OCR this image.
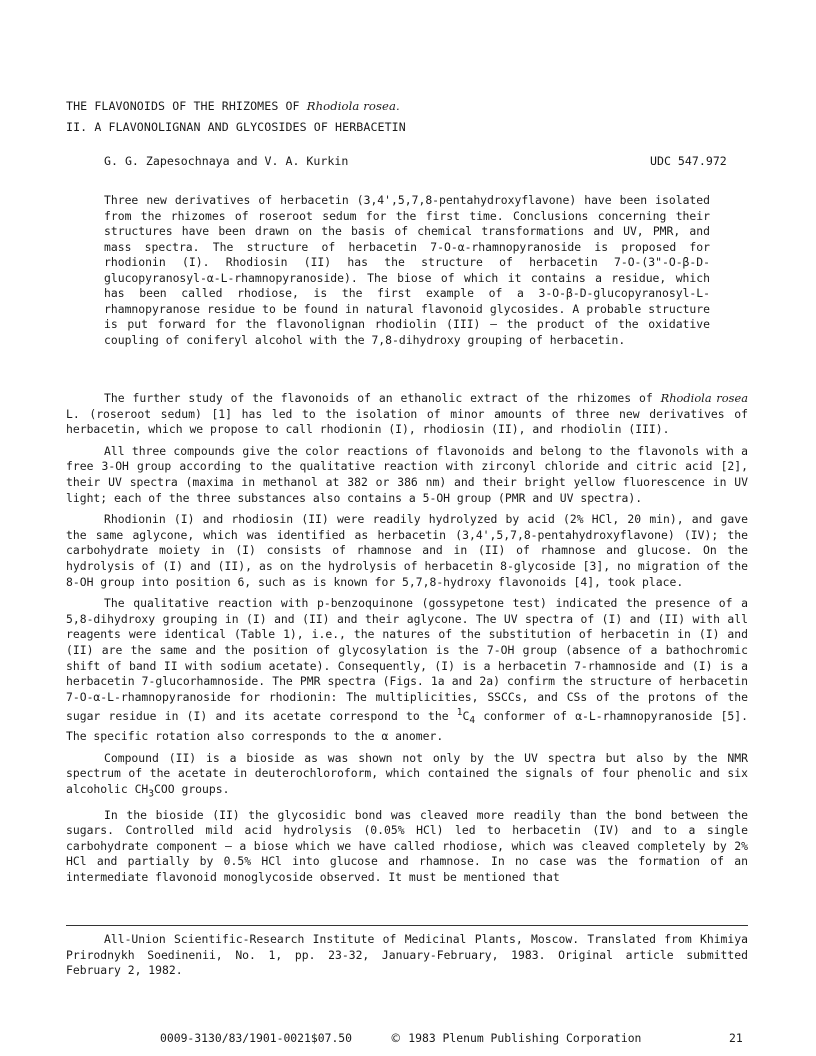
THE FLAVONOIDS OF THE RHIZOMES OF Rhodiola rosea.
II. A FLAVONOLIGNAN AND GLYCOSIDES OF HERBACETIN
G. G. Zapesochnaya and V. A. Kurkin	UDC 547.972

Three new derivatives of herbacetin (3,4',5,7,8-pentahydroxyflavone) have been isolated from the rhizomes of roseroot sedum for the first time. Conclusions concerning their structures have been drawn on the basis of chemical transformations and UV, PMR, and mass spectra. The structure of herbacetin 7-O-α-rhamnopyranoside is proposed for rhodionin (I). Rhodiosin (II) has the structure of herbacetin 7-O-(3"-O-β-D-glucopyranosyl-α-L-rhamnopyranoside). The biose of which it contains a residue, which has been called rhodiose, is the first example of a 3-O-β-D-glucopyranosyl-L-rhamnopyranose residue to be found in natural flavonoid glycosides. A probable structure is put forward for the flavonolignan rhodiolin (III) — the product of the oxidative coupling of coniferyl alcohol with the 7,8-dihydroxy grouping of herbacetin.

The further study of the flavonoids of an ethanolic extract of the rhizomes of Rhodiola rosea L. (roseroot sedum) [1] has led to the isolation of minor amounts of three new derivatives of herbacetin, which we propose to call rhodionin (I), rhodiosin (II), and rhodiolin (III).

All three compounds give the color reactions of flavonoids and belong to the flavonols with a free 3-OH group according to the qualitative reaction with zirconyl chloride and citric acid [2], their UV spectra (maxima in methanol at 382 or 386 nm) and their bright yellow fluorescence in UV light; each of the three substances also contains a 5-OH group (PMR and UV spectra).

Rhodionin (I) and rhodiosin (II) were readily hydrolyzed by acid (2% HCl, 20 min), and gave the same aglycone, which was identified as herbacetin (3,4',5,7,8-pentahydroxyflavone) (IV); the carbohydrate moiety in (I) consists of rhamnose and in (II) of rhamnose and glucose. On the hydrolysis of (I) and (II), as on the hydrolysis of herbacetin 8-glycoside [3], no migration of the 8-OH group into position 6, such as is known for 5,7,8-hydroxy flavonoids [4], took place.

The qualitative reaction with p-benzoquinone (gossypetone test) indicated the presence of a 5,8-dihydroxy grouping in (I) and (II) and their aglycone. The UV spectra of (I) and (II) with all reagents were identical (Table 1), i.e., the natures of the substitution of herbacetin in (I) and (II) are the same and the position of glycosylation is the 7-OH group (absence of a bathochromic shift of band II with sodium acetate). Consequently, (I) is a herbacetin 7-rhamnoside and (I) is a herbacetin 7-glucorhamnoside. The PMR spectra (Figs. 1a and 2a) confirm the structure of herbacetin 7-O-α-L-rhamnopyranoside for rhodionin: The multiplicities, SSCCs, and CSs of the protons of the sugar residue in (I) and its acetate correspond to the $^1C_4$ conformer of α-L-rhamnopyranoside [5]. The specific rotation also corresponds to the α anomer.

Compound (II) is a bioside as was shown not only by the UV spectra but also by the NMR spectrum of the acetate in deuterochloroform, which contained the signals of four phenolic and six alcoholic $CH_3COO$ groups.

In the bioside (II) the glycosidic bond was cleaved more readily than the bond between the sugars. Controlled mild acid hydrolysis (0.05% HCl) led to herbacetin (IV) and to a single carbohydrate component — a biose which we have called rhodiose, which was cleaved completely by 2% HCl and partially by 0.5% HCl into glucose and rhamnose. In no case was the formation of an intermediate flavonoid monoglycoside observed. It must be mentioned that

All-Union Scientific-Research Institute of Medicinal Plants, Moscow. Translated from Khimiya Prirodnykh Soedinenii, No. 1, pp. 23-32, January-February, 1983. Original article submitted February 2, 1982.
0009-3130/83/1901-0021$07.50	© 1983 Plenum Publishing Corporation	21
